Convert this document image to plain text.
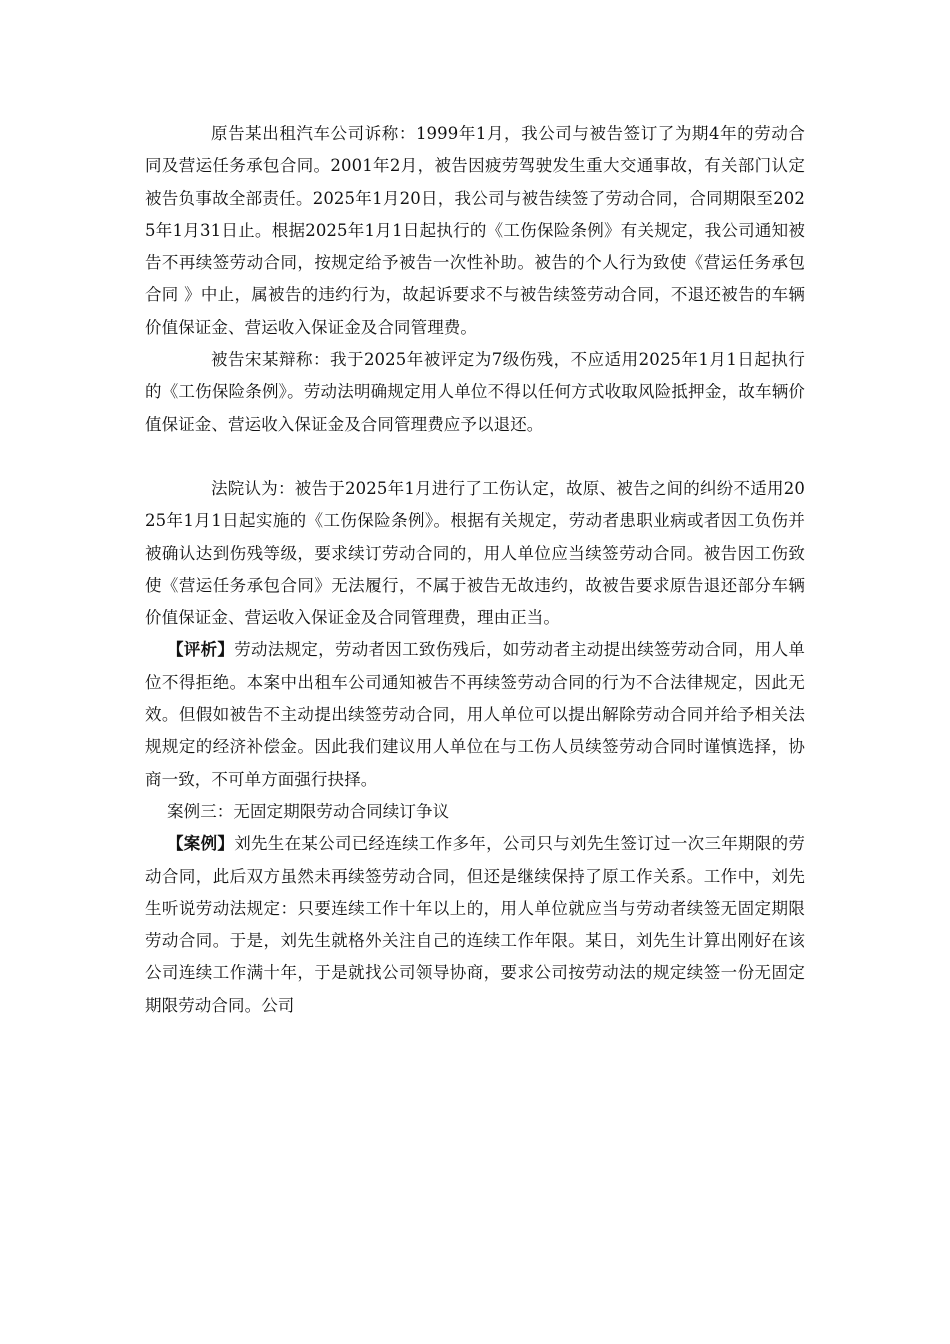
原告某出租汽车公司诉称：1999年1月，我公司与被告签订了为期4年的劳动合同及营运任务承包合同。2001年2月，被告因疲劳驾驶发生重大交通事故，有关部门认定被告负事故全部责任。2025年1月20日，我公司与被告续签了劳动合同，合同期限至2025年1月31日止。根据2025年1月1日起执行的《工伤保险条例》有关规定，我公司通知被告不再续签劳动合同，按规定给予被告一次性补助。被告的个人行为致使《营运任务承包合同 》中止，属被告的违约行为，故起诉要求不与被告续签劳动合同，不退还被告的车辆价值保证金、营运收入保证金及合同管理费。

被告宋某辩称：我于2025年被评定为7级伤残，不应适用2025年1月1日起执行的《工伤保险条例》。劳动法明确规定用人单位不得以任何方式收取风险抵押金，故车辆价值保证金、营运收入保证金及合同管理费应予以退还。

法院认为：被告于2025年1月进行了工伤认定，故原、被告之间的纠纷不适用2025年1月1日起实施的《工伤保险条例》。根据有关规定，劳动者患职业病或者因工负伤并被确认达到伤残等级，要求续订劳动合同的，用人单位应当续签劳动合同。被告因工伤致使《营运任务承包合同》无法履行，不属于被告无故违约，故被告要求原告退还部分车辆价值保证金、营运收入保证金及合同管理费，理由正当。

【评析】劳动法规定，劳动者因工致伤残后，如劳动者主动提出续签劳动合同，用人单位不得拒绝。本案中出租车公司通知被告不再续签劳动合同的行为不合法律规定，因此无效。但假如被告不主动提出续签劳动合同，用人单位可以提出解除劳动合同并给予相关法规规定的经济补偿金。因此我们建议用人单位在与工伤人员续签劳动合同时谨慎选择，协商一致，不可单方面强行抉择。

案例三：无固定期限劳动合同续订争议

【案例】刘先生在某公司已经连续工作多年，公司只与刘先生签订过一次三年期限的劳动合同，此后双方虽然未再续签劳动合同，但还是继续保持了原工作关系。工作中，刘先生听说劳动法规定：只要连续工作十年以上的，用人单位就应当与劳动者续签无固定期限劳动合同。于是，刘先生就格外关注自己的连续工作年限。某日，刘先生计算出刚好在该公司连续工作满十年，于是就找公司领导协商，要求公司按劳动法的规定续签一份无固定期限劳动合同。公司
